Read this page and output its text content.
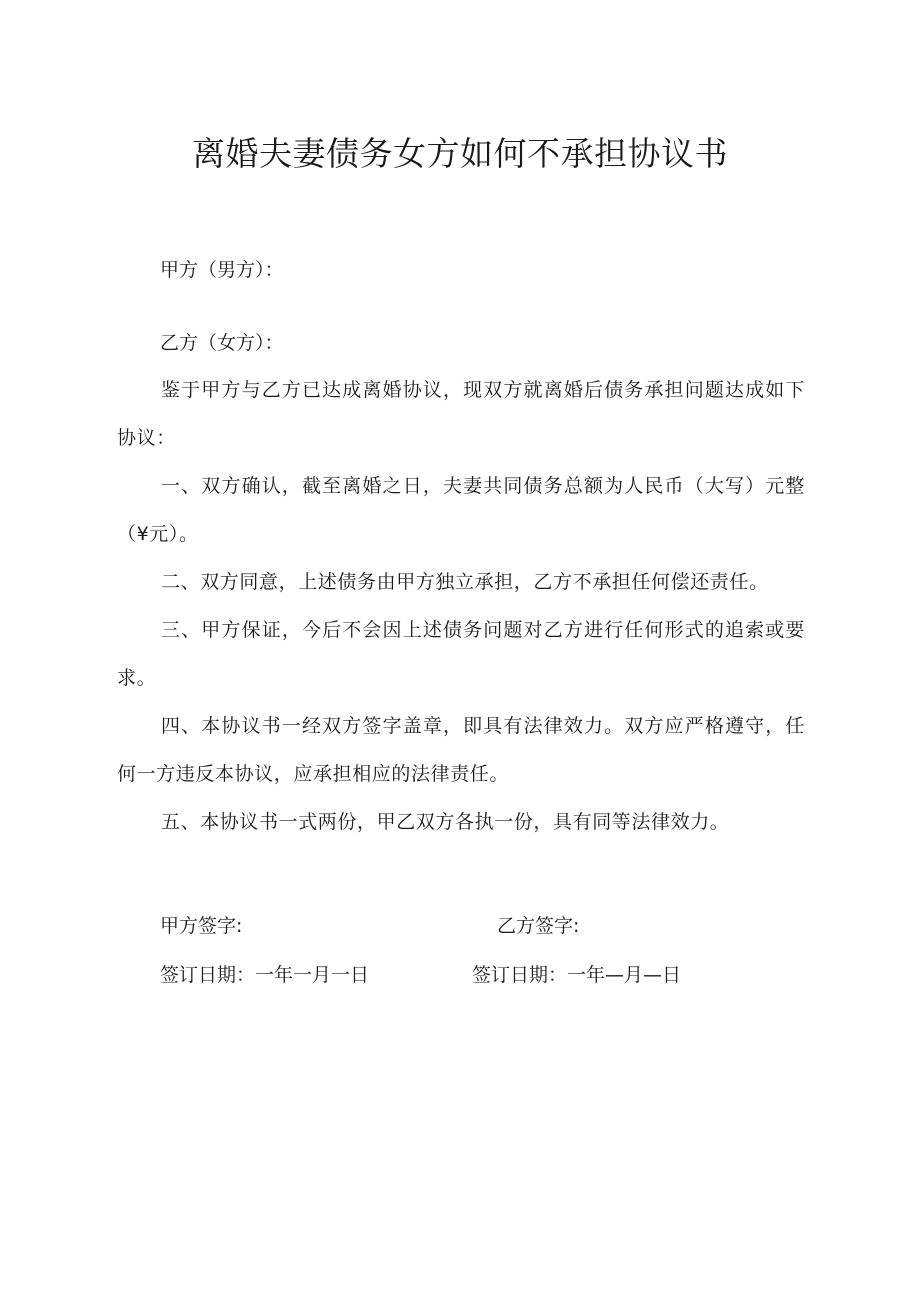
离婚夫妻债务女方如何不承担协议书
甲方（男方）：
乙方（女方）：
鉴于甲方与乙方已达成离婚协议，现双方就离婚后债务承担问题达成如下协议：
一、双方确认，截至离婚之日，夫妻共同债务总额为人民币（大写）元整（¥元）。
二、双方同意，上述债务由甲方独立承担，乙方不承担任何偿还责任。
三、甲方保证，今后不会因上述债务问题对乙方进行任何形式的追索或要求。
四、本协议书一经双方签字盖章，即具有法律效力。双方应严格遵守，任何一方违反本协议，应承担相应的法律责任。
五、本协议书一式两份，甲乙双方各执一份，具有同等法律效力。
甲方签字:	乙方签字:
签订日期：一年一月一日	签订日期：一年—月—日
